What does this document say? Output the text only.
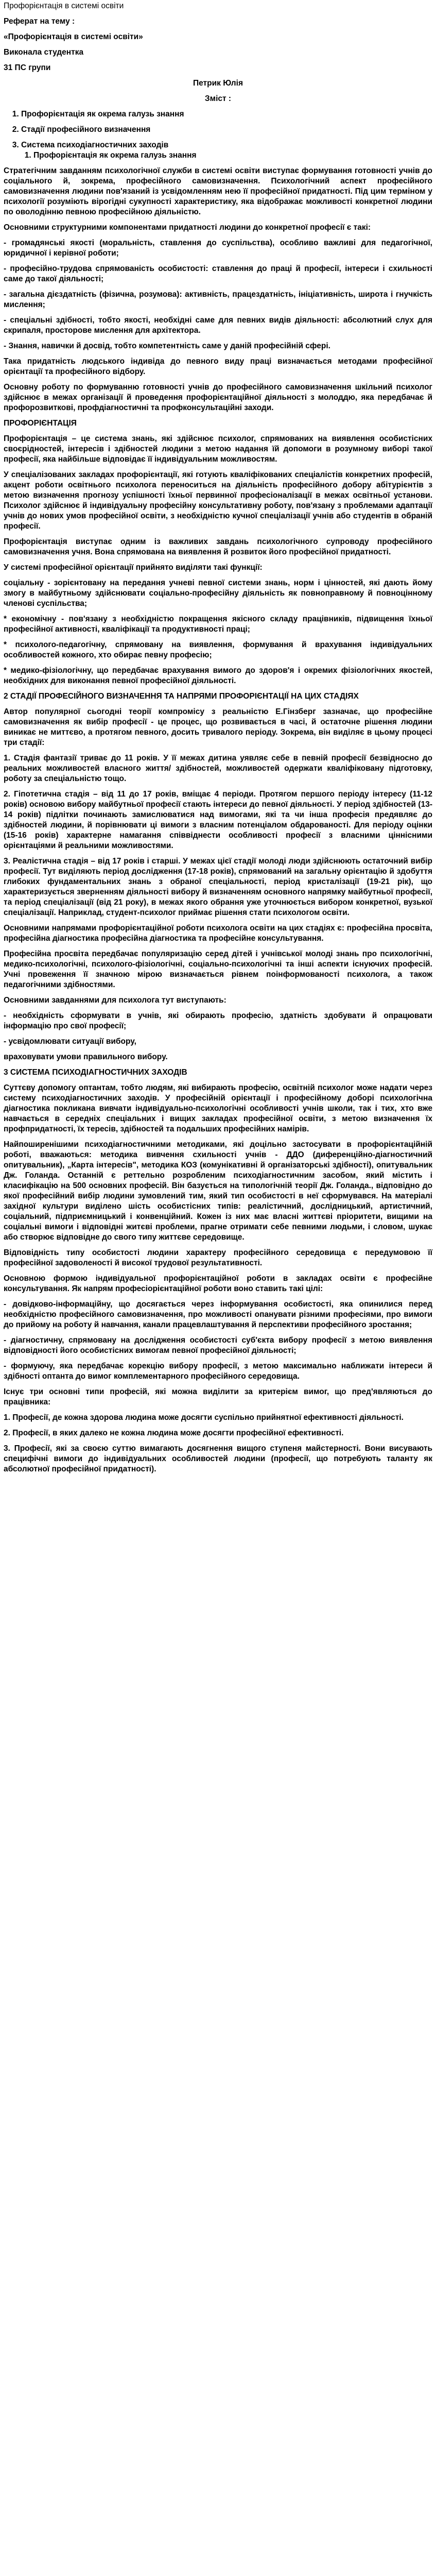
Профорієнтація в системі освіти

Реферат на тему :

«Профорієнтація в системі освіти»

Виконала студентка

31 ПС групи

Петрик Юлія

Зміст :

1. Профорієнтація як окрема галузь знання
2. Стадії професійного визначення
3. Система психодіагностичних заходів
1. Профорієнтація як окрема галузь знання

Стратегічним завданням психологічної служби в системі освіти виступає формування готовності учнів до соціального й, зокрема, професійного самовизначення. Психологічний аспект професійного самовизначення людини пов'язаний із усвідомленням нею її професійної придатності. Під цим терміном у психології розуміють вірогідні сукупності характеристику, яка відображає можливості конкретної людини по оволодінню певною професійною діяльністю.

Основними структурними компонентами придатності людини до конкретної професії є такі:

- громадянські якості (моральність, ставлення до суспільства), особливо важливі для педагогічної, юридичної і керівної роботи;

- професійно-трудова спрямованість особистості: ставлення до праці й професії, інтереси і схильності саме до такої діяльності;

- загальна дієздатність (фізична, розумова): активність, працездатність, ініціативність, широта і гнучкість мислення;

- спеціальні здібності, тобто якості, необхідні саме для певних видів діяльності: абсолютний слух для скрипаля, просторове мислення для архітектора.

- Знання, навички й досвід, тобто компетентність саме у даній професійній сфері.

Така придатність людського індивіда до певного виду праці визначається методами професійної орієнтації та професійного відбору.

Основну роботу по формуванню готовності учнів до професійного самовизначення шкільний психолог здійснює в межах організації й проведення профорієнтаційної діяльності з молоддю, яка передбачає й профорозвиткові, профдіагностичні та профконсультаційні заходи.

ПРОФОРІЄНТАЦІЯ

Профорієнтація – це система знань, які здійснює психолог, спрямованих на виявлення особистісних своєрідностей, інтересів і здібностей людини з метою надання їй допомоги в розумному виборі такої професії, яка найбільше відповідає її індивідуальним можливостям.

У спеціалізованих закладах профорієнтації, які готують кваліфікованих спеціалістів конкретних професій, акцент роботи освітнього психолога переноситься на діяльність професійного добору абітурієнтів з метою визначення прогнозу успішності їхньої первинної професіоналізації в межах освітньої установи. Психолог здійснює й індивідуальну професійну консультативну роботу, пов'язану з проблемами адаптації учнів до нових умов професійної освіти, з необхідністю кучної спеціалізації учнів або студентів в обраній професії.

Профорієнтація виступає одним із важливих завдань психологічного супроводу професійного самовизначення учня. Вона спрямована на виявлення й розвиток його професійної придатності.

У системі професійної орієнтації прийнято виділяти такі функції:

соціальну - зорієнтовану на передання учневі певної системи знань, норм і цінностей, які дають йому змогу в майбутньому здійснювати соціально-професійну діяльність як повноправному й повноцінному членові суспільства;

* економічну - пов'язану з необхідністю покращення якісного складу працівників, підвищення їхньої професійної активності, кваліфікації та продуктивності праці;

* психолого-педагогічну, спрямовану на виявлення, формування й врахування індивідуальних особливостей кожного, хто обирає певну професію;

* медико-фізіологічну, що передбачає врахування вимого до здоров'я і окремих фізіологічних якостей, необхідних для виконання певної професійної діяльності.

2 СТАДІЇ ПРОФЕСІЙНОГО ВИЗНАЧЕННЯ ТА НАПРЯМИ ПРОФОРІЄНТАЦІЇ НА ЦИХ СТАДІЯХ

Автор популярної сьогодні теорії компромісу з реальністю Е.Гінзберг зазначає, що професійне самовизначення як вибір професії - це процес, що розвивається в часі, й остаточне рішення людини виникає не миттєво, а протягом певного, досить тривалого періоду. Зокрема, він виділяє в цьому процесі три стадії:

1. Стадія фантазії триває до 11 років. У її межах дитина уявляє себе в певній професії безвідносно до реальних можливостей власного життя/ здібностей, можливостей одержати кваліфіковану підготовку, роботу за спеціальністю тощо.

2. Гіпотетична стадія – від 11 до 17 років, вміщає 4 періоди. Протягом першого періоду інтересу (11-12 років) основою вибору майбутньої професії стають інтереси до певної діяльності. У період здібностей (13-14 років) підлітки починають замислюватися над вимогами, які та чи інша професія предявляє до здібностей людини, й порівнювати ці вимоги з власним потенціалом обдарованості. Для періоду оцінки (15-16 років) характерне намагання співвіднести особливості професії з власними ціннісними орієнтаціями й реальними можливостями.

3. Реалістична стадія – від 17 років і старші. У межах цієї стадії молоді люди здійснюють остаточний вибір професії. Тут виділяють період дослідження (17-18 років), спрямований на загальну орієнтацію й здобуття глибоких фундаментальних знань з обраної спеціальності, період кристалізації (19-21 рік), що характеризується зверненням діяльності вибору й визначенням основного напрямку майбутньої професії, та період спеціалізації (від 21 року), в межах якого обрання уже уточнюється вибором конкретної, вузької спеціалізації. Наприклад, студент-психолог приймає рішення стати психологом освіти.

Основними напрямами профорієнтаційної роботи психолога освіти на цих стадіях є: професійна просвіта, професійна діагностика професійна діагностика та професійне консультування.

Професійна просвіта передбачає популяризацію серед дітей і учнівської молоді знань про психологічні, медико-психологічні, психолого-фізіологічні, соціально-психологічні та інші аспекти існуючих професій. Учні провеження її значною мірою визначається рівнем поінформованості психолога, а також педагогічними здібностями.

Основними завданнями для психолога тут виступають:

- необхідність сформувати в учнів, які обирають професію, здатність здобувати й опрацювати інформацію про свої професії;

- усвідомлювати ситуації вибору,

враховувати умови правильного вибору.

3 СИСТЕМА ПСИХОДІАГНОСТИЧНИХ ЗАХОДІВ

Суттєву допомогу оптантам, тобто людям, які вибирають професію, освітній психолог може надати через систему психодіагностичних заходів. У професійній орієнтації і професійному доборі психологічна діагностика покликана вивчати індивідуально-психологічні особливості учнів школи, так і тих, хто вже навчається в середніх спеціальних і вищих закладах професійної освіти, з метою визначення їх профпридатності, їх тересів, здібностей та подальших професійних намірів.

Найпоширенішими психодіагностичними методиками, які доцільно застосувати в профорієнтаційній роботі, вважаються: методика вивчення схильності учнів - ДДО (диференційно-діагностичний опитувальник), „Карта інтересів", методика КОЗ (комунікативні й організаторські здібності), опитувальник Дж. Голанда. Останній є реттельно розробленим психодіагностичним засобом, який містить і класифікацію на 500 основних професій. Він базується на типологічній теорії Дж. Голанда., відповідно до якої професійний вибір людини зумовлений тим, який тип особистості в неї сформувався. На матеріалі західної культури виділено шість особистісних типів: реалістичний, дослідницький, артистичний, соціальний, підприємницький і конвенційний. Кожен із них має власні життєві пріоритети, вищими на соціальні вимоги і відповідні житєві проблеми, прагне отримати себе певними людьми, і словом, шукає або створює відповідне до свого типу життєве середовище.

Відповідність типу особистості людини характеру професійного середовища є передумовою її професійної задоволеності й високої трудової результативності.

Основною формою індивідуальної профорієнтаційної роботи в закладах освіти є професійне консультування. Як напрям професіорієнтаційної роботи воно ставить такі цілі:

- довідково-інформаційну, що досягається через інформування особистості, яка опинилися перед необхідністю професійного самовизначення, про можливості опанувати різними професіями, про вимоги до прийому на роботу й навчання, канали працевлаштування й перспективи професійного зростання;

- діагностичну, спрямовану на дослідження особистості суб'єкта вибору професії з метою виявлення відповідності його особистісних вимогам певної професійної діяльності;

- формуючу, яка передбачає корекцію вибору професії, з метою максимально наближати інтереси й здібності оптанта до вимог комплементарного професійного середовища.

Існує три основні типи професій, які можна виділити за критерієм вимог, що пред'являються до працівника:

1. Професії, де кожна здорова людина може досягти суспільно прийнятної ефективності діяльності.

2. Професії, в яких далеко не кожна людина може досягти професійної ефективності.

3. Професії, які за своєю суттю вимагають досягнення вищого ступеня майстерності. Вони висувають специфічні вимоги до індивідуальних особливостей людини (професії, що потребують таланту як абсолютної професійної придатності).
